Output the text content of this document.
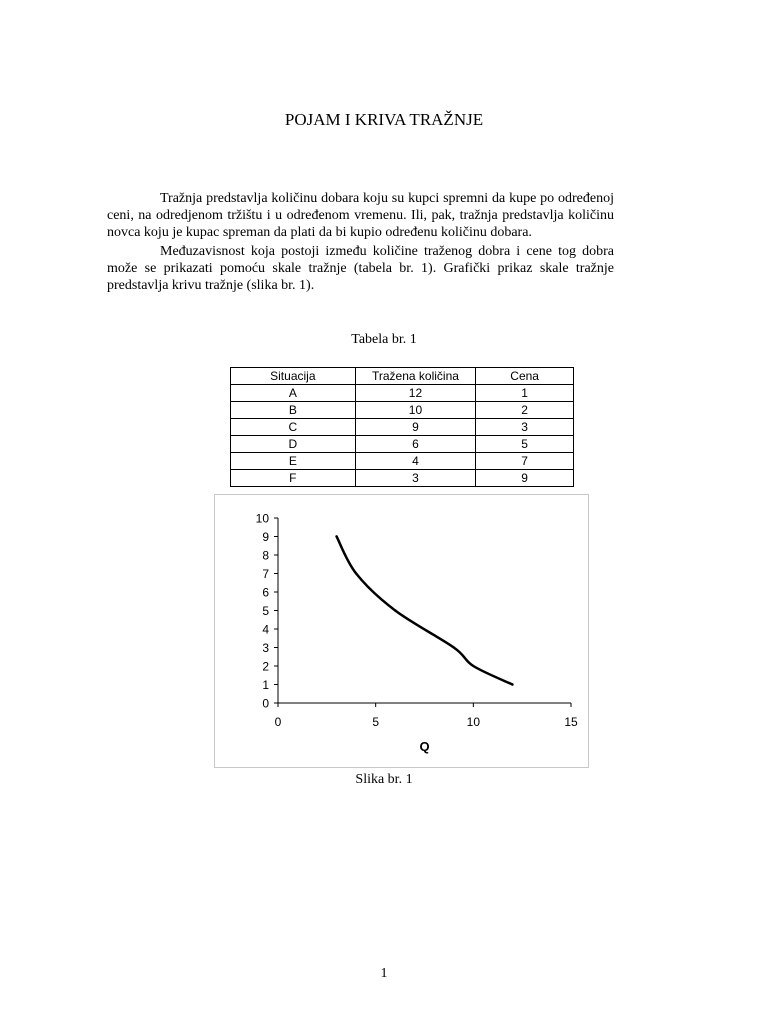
POJAM I KRIVA TRAŽNJE

Tražnja predstavlja količinu dobara koju su kupci spremni da kupe po određenoj ceni, na odredjenom tržištu i u određenom vremenu. Ili, pak, tražnja predstavlja količinu novca koju je kupac spreman da plati da bi kupio određenu količinu dobara.

Međuzavisnost koja postoji između količine traženog dobra i cene tog dobra može se prikazati pomoću skale tražnje (tabela br. 1). Grafički prikaz skale tražnje predstavlja krivu tražnje (slika br. 1).

Tabela br. 1
Situacija	Tražena količina	Cena
A	12	1
B	10	2
C	9	3
D	6	5
E	4	7
F	3	9
0
1
2
3
4
5
6
7
8
9
10
0	5	10	15
Q
Slika br. 1
1
